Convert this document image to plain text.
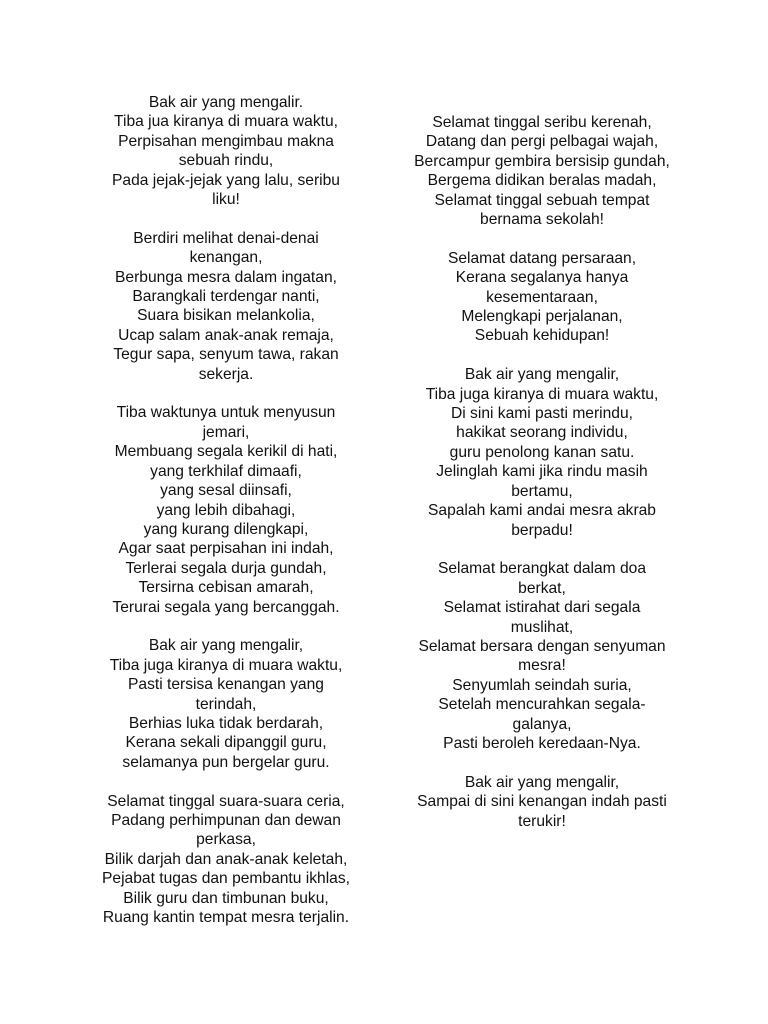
Bak air yang mengalir.
Tiba jua kiranya di muara waktu,
Perpisahan mengimbau makna
sebuah rindu,
Pada jejak-jejak yang lalu, seribu
liku!
Berdiri melihat denai-denai
kenangan,
Berbunga mesra dalam ingatan,
Barangkali terdengar nanti,
Suara bisikan melankolia,
Ucap salam anak-anak remaja,
Tegur sapa, senyum tawa, rakan
sekerja.
Tiba waktunya untuk menyusun
jemari,
Membuang segala kerikil di hati,
yang terkhilaf dimaafi,
yang sesal diinsafi,
yang lebih dibahagi,
yang kurang dilengkapi,
Agar saat perpisahan ini indah,
Terlerai segala durja gundah,
Tersirna cebisan amarah,
Terurai segala yang bercanggah.
Bak air yang mengalir,
Tiba juga kiranya di muara waktu,
Pasti tersisa kenangan yang
terindah,
Berhias luka tidak berdarah,
Kerana sekali dipanggil guru,
selamanya pun bergelar guru.
Selamat tinggal suara-suara ceria,
Padang perhimpunan dan dewan
perkasa,
Bilik darjah dan anak-anak keletah,
Pejabat tugas dan pembantu ikhlas,
Bilik guru dan timbunan buku,
Ruang kantin tempat mesra terjalin.
Selamat tinggal seribu kerenah,
Datang dan pergi pelbagai wajah,
Bercampur gembira bersisip gundah,
Bergema didikan beralas madah,
Selamat tinggal sebuah tempat
bernama sekolah!
Selamat datang persaraan,
Kerana segalanya hanya
kesementaraan,
Melengkapi perjalanan,
Sebuah kehidupan!
Bak air yang mengalir,
Tiba juga kiranya di muara waktu,
Di sini kami pasti merindu,
hakikat seorang individu,
guru penolong kanan satu.
Jelinglah kami jika rindu masih
bertamu,
Sapalah kami andai mesra akrab
berpadu!
Selamat berangkat dalam doa
berkat,
Selamat istirahat dari segala
muslihat,
Selamat bersara dengan senyuman
mesra!
Senyumlah seindah suria,
Setelah mencurahkan segala-
galanya,
Pasti beroleh keredaan-Nya.
Bak air yang mengalir,
Sampai di sini kenangan indah pasti
terukir!
